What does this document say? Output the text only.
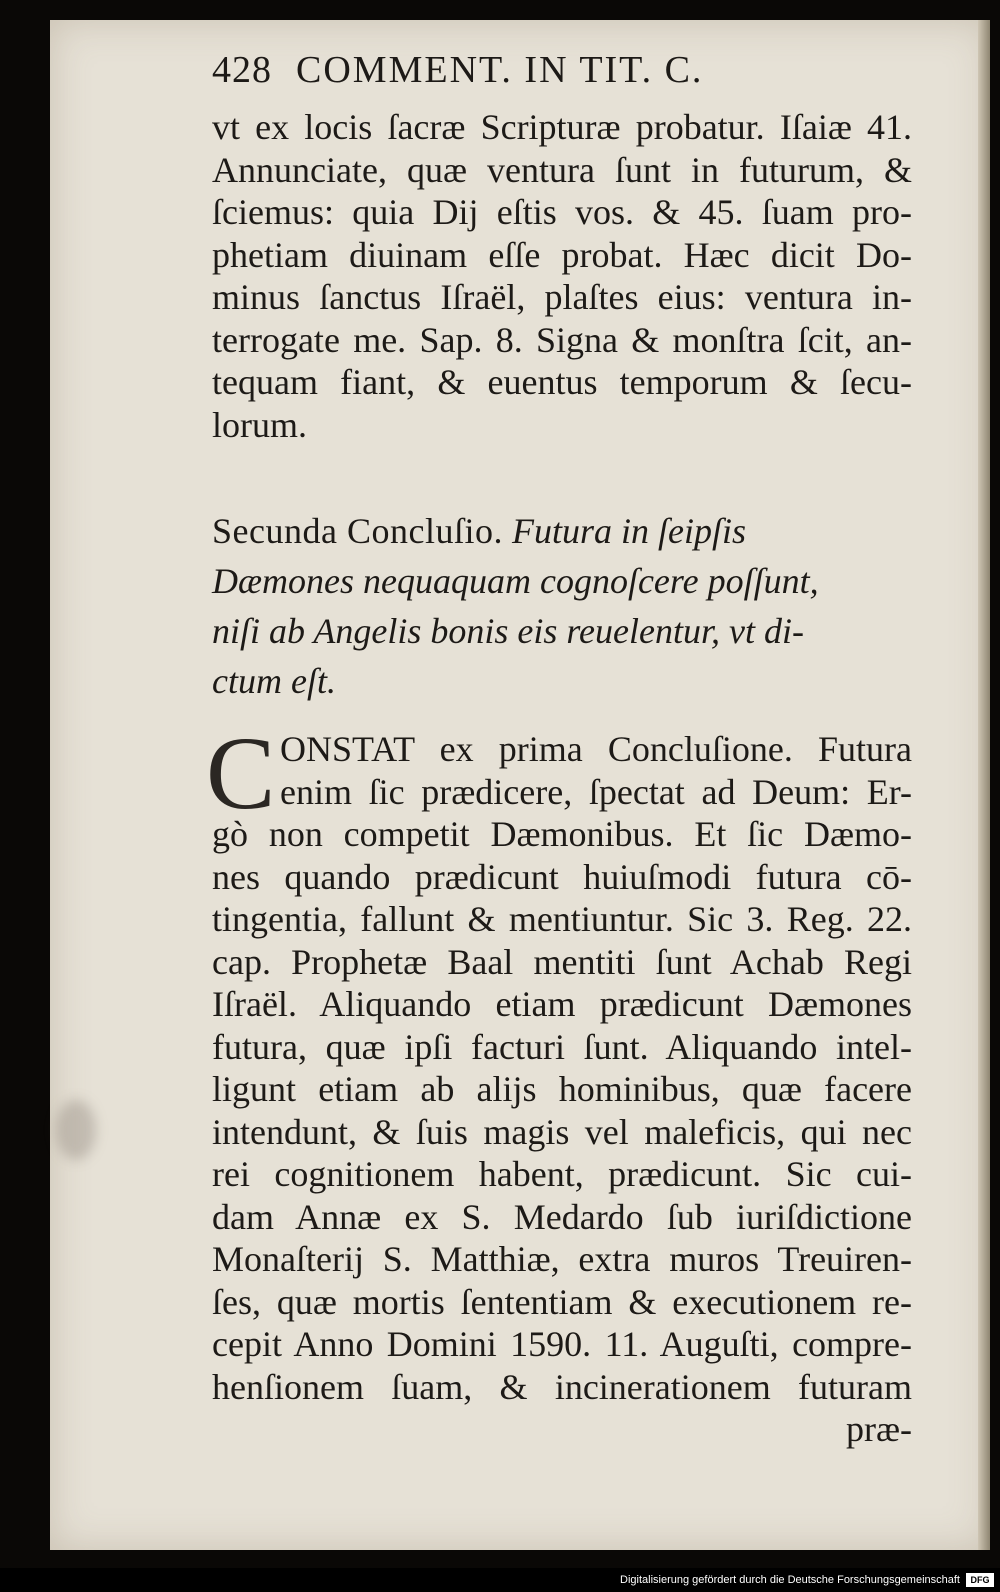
428 COMMENT. IN TIT. C.
vt ex locis ſacræ Scripturæ probatur. Iſaiæ 41.
Annunciate, quæ ventura ſunt in futurum, &
ſciemus: quia Dij eſtis vos. & 45. ſuam pro-
phetiam diuinam eſſe probat. Hæc dicit Do-
minus ſanctus Iſraël, plaſtes eius: ventura in-
terrogate me. Sap. 8. Signa & monſtra ſcit, an-
tequam fiant, & euentus temporum & ſecu-
lorum.
Secunda Concluſio. Futura in ſeipſis
Dæmones nequaquam cognoſcere poſſunt,
niſi ab Angelis bonis eis reuelentur, vt di-
ctum eſt.
C ONSTAT ex prima Concluſione. Futura
enim ſic prædicere, ſpectat ad Deum: Er-
gò non competit Dæmonibus. Et ſic Dæmo-
nes quando prædicunt huiuſmodi futura cō-
tingentia, fallunt & mentiuntur. Sic 3. Reg. 22.
cap. Prophetæ Baal mentiti ſunt Achab Regi
Iſraël. Aliquando etiam prædicunt Dæmones
futura, quæ ipſi facturi ſunt. Aliquando intel-
ligunt etiam ab alijs hominibus, quæ facere
intendunt, & ſuis magis vel maleficis, qui nec
rei cognitionem habent, prædicunt. Sic cui-
dam Annæ ex S. Medardo ſub iuriſdictione
Monaſterij S. Matthiæ, extra muros Treuiren-
ſes, quæ mortis ſententiam & executionem re-
cepit Anno Domini 1590. 11. Auguſti, compre-
henſionem ſuam, & incinerationem futuram
præ-
Digitalisierung gefördert durch die Deutsche Forschungsgemeinschaft	DFG
